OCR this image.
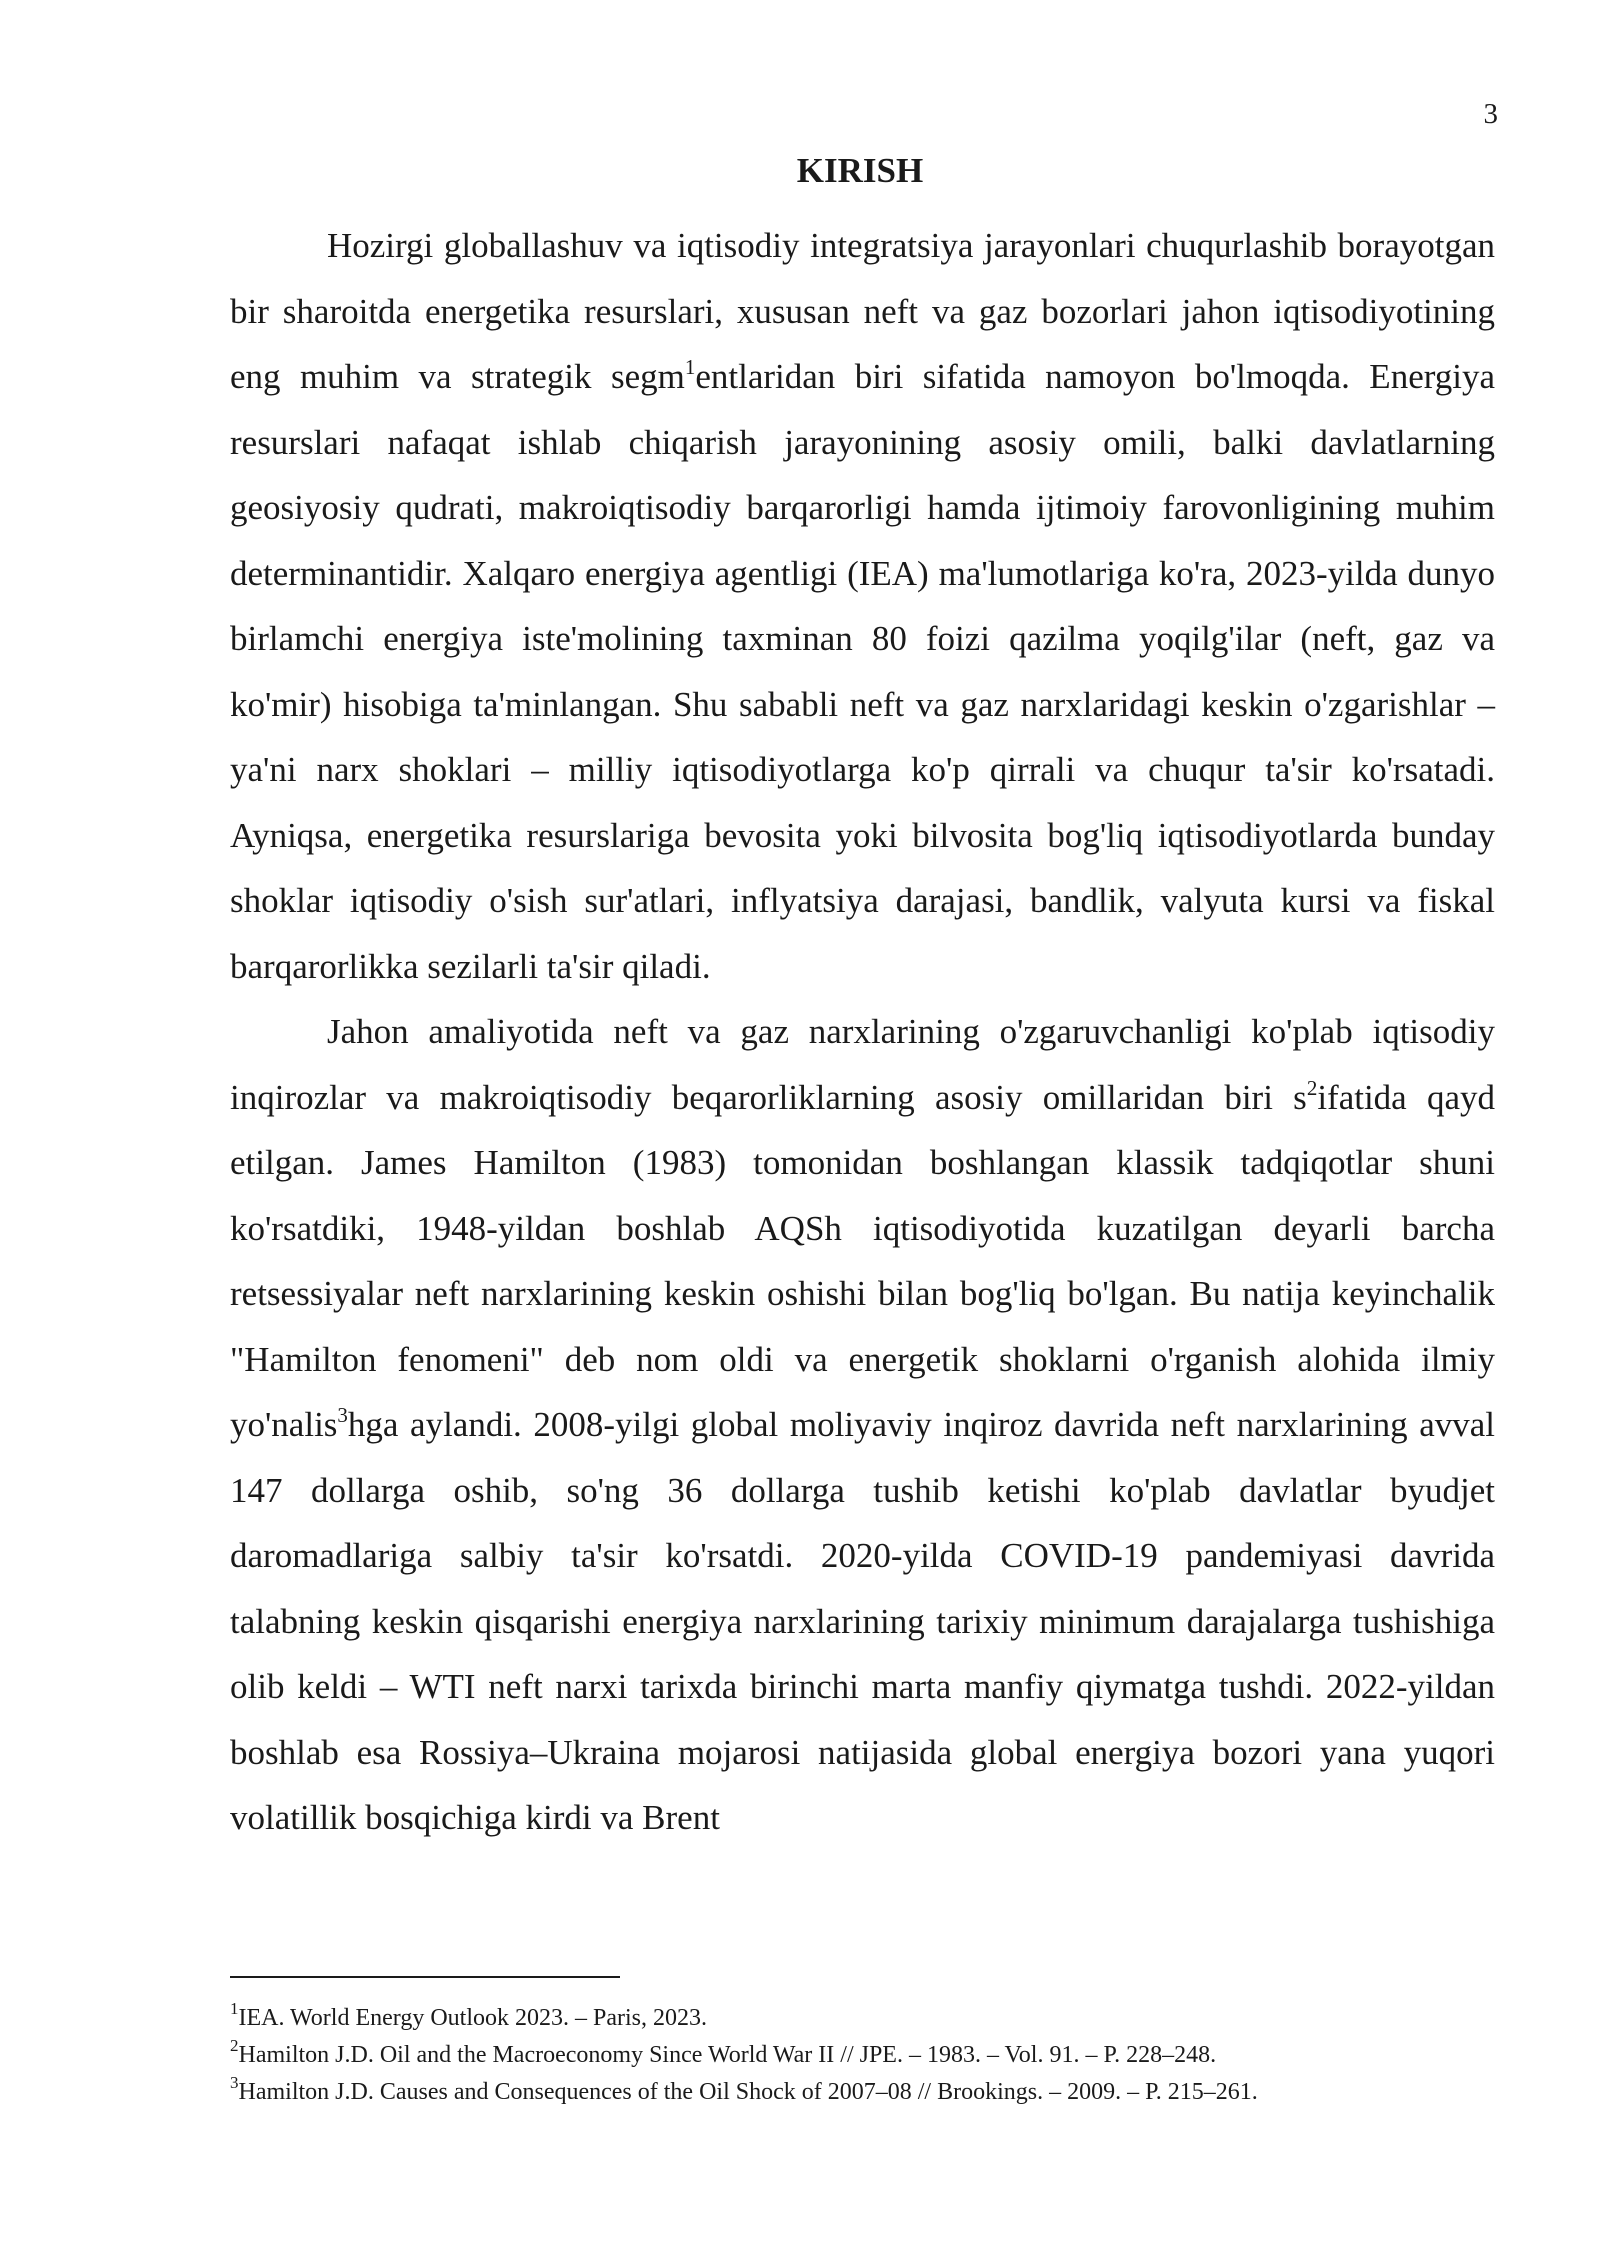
3
KIRISH

Hozirgi globallashuv va iqtisodiy integratsiya jarayonlari chuqurlashib borayotgan bir sharoitda energetika resurslari, xususan neft va gaz bozorlari jahon iqtisodiyotining eng muhim va strategik segm$^1$entlaridan biri sifatida namoyon bo'lmoqda. Energiya resurslari nafaqat ishlab chiqarish jarayonining asosiy omili, balki davlatlarning geosiyosiy qudrati, makroiqtisodiy barqarorligi hamda ijtimoiy farovonligining muhim determinantidir. Xalqaro energiya agentligi (IEA) ma'lumotlariga ko'ra, 2023-yilda dunyo birlamchi energiya iste'molining taxminan 80 foizi qazilma yoqilg'ilar (neft, gaz va ko'mir) hisobiga ta'minlangan. Shu sababli neft va gaz narxlaridagi keskin o'zgarishlar – ya'ni narx shoklari – milliy iqtisodiyotlarga ko'p qirrali va chuqur ta'sir ko'rsatadi. Ayniqsa, energetika resurslariga bevosita yoki bilvosita bog'liq iqtisodiyotlarda bunday shoklar iqtisodiy o'sish sur'atlari, inflyatsiya darajasi, bandlik, valyuta kursi va fiskal barqarorlikka sezilarli ta'sir qiladi.

Jahon amaliyotida neft va gaz narxlarining o'zgaruvchanligi ko'plab iqtisodiy inqirozlar va makroiqtisodiy beqarorliklarning asosiy omillaridan biri $s^2ifatida$ qayd etilgan. James Hamilton (1983) tomonidan boshlangan klassik tadqiqotlar shuni ko'rsatdiki, 1948-yildan boshlab AQSh iqtisodiyotida kuzatilgan deyarli barcha retsessiyalar neft narxlarining keskin oshishi bilan bog'liq bo'lgan. Bu natija keyinchalik "Hamilton fenomeni" deb nom oldi va energetik shoklarni o'rganish alohida ilmiy yo'nalis$^3$hga aylandi. 2008-yilgi global moliyaviy inqiroz davrida neft narxlarining avval 147 dollarga oshib, so'ng 36 dollarga tushib ketishi ko'plab davlatlar byudjet daromadlariga salbiy ta'sir ko'rsatdi. 2020-yilda COVID-19 pandemiyasi davrida talabning keskin qisqarishi energiya narxlarining tarixiy minimum darajalarga tushishiga olib keldi – WTI neft narxi tarixda birinchi marta manfiy qiymatga tushdi. 2022-yildan boshlab esa Rossiya–Ukraina mojarosi natijasida global energiya bozori yana yuqori volatillik bosqichiga kirdi va Brent

$^1$IEA. World Energy Outlook 2023. – Paris, 2023.
$^2$Hamilton J.D. Oil and the Macroeconomy Since World War II // JPE. – 1983. – Vol. 91. – P. 228–248.
$^3$Hamilton J.D. Causes and Consequences of the Oil Shock of 2007–08 // Brookings. – 2009. – P. 215–261.
